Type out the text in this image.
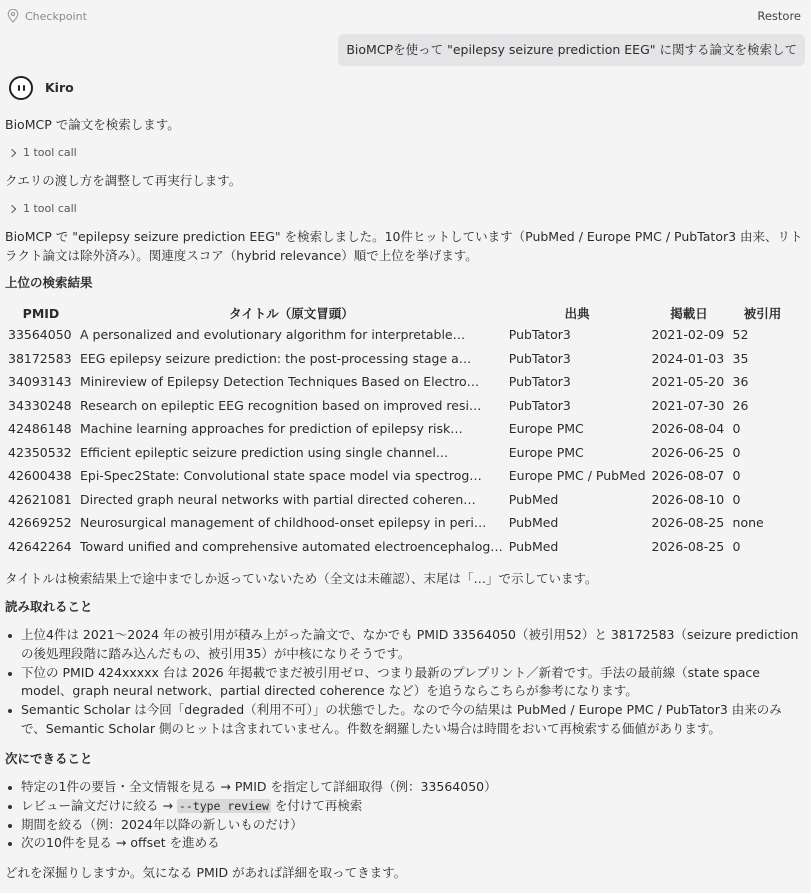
Checkpoint	Restore
BioMCPを使って "epilepsy seizure prediction EEG" に関する論文を検索して
Kiro
BioMCP で論文を検索します。
1 tool call
クエリの渡し方を調整して再実行します。
1 tool call
BioMCP で "epilepsy seizure prediction EEG" を検索しました。10件ヒットしています（PubMed / Europe PMC / PubTator3 由来、リトラクト論文は除外済み）。関連度スコア（hybrid relevance）順で上位を挙げます。
上位の検索結果
PMID	タイトル（原文冒頭）	出典	掲載日	被引用
33564050	A personalized and evolutionary algorithm for interpretable…	PubTator3	2021-02-09	52
38172583	EEG epilepsy seizure prediction: the post-processing stage a…	PubTator3	2024-01-03	35
34093143	Minireview of Epilepsy Detection Techniques Based on Electro…	PubTator3	2021-05-20	36
34330248	Research on epileptic EEG recognition based on improved resi…	PubTator3	2021-07-30	26
42486148	Machine learning approaches for prediction of epilepsy risk…	Europe PMC	2026-08-04	0
42350532	Efficient epileptic seizure prediction using single channel…	Europe PMC	2026-06-25	0
42600438	Epi-Spec2State: Convolutional state space model via spectrog…	Europe PMC / PubMed	2026-08-07	0
42621081	Directed graph neural networks with partial directed coheren…	PubMed	2026-08-10	0
42669252	Neurosurgical management of childhood-onset epilepsy in peri…	PubMed	2026-08-25	none
42642264	Toward unified and comprehensive automated electroencephalog…	PubMed	2026-08-25	0
タイトルは検索結果上で途中までしか返っていないため（全文は未確認）、末尾は「…」で示しています。
読み取れること
上位4件は 2021〜2024 年の被引用が積み上がった論文で、なかでも PMID 33564050（被引用52）と 38172583（seizure prediction の後処理段階に踏み込んだもの、被引用35）が中核になりそうです。
下位の PMID 424xxxxx 台は 2026 年掲載でまだ被引用ゼロ、つまり最新のプレプリント／新着です。手法の最前線（state space model、graph neural network、partial directed coherence など）を追うならこちらが参考になります。
Semantic Scholar は今回「degraded（利用不可）」の状態でした。なので今の結果は PubMed / Europe PMC / PubTator3 由来のみで、Semantic Scholar 側のヒットは含まれていません。件数を網羅したい場合は時間をおいて再検索する価値があります。
次にできること
特定の1件の要旨・全文情報を見る → PMID を指定して詳細取得（例：33564050）
レビュー論文だけに絞る → --type review を付けて再検索
期間を絞る（例：2024年以降の新しいものだけ）
次の10件を見る → offset を進める
どれを深掘りしますか。気になる PMID があれば詳細を取ってきます。
